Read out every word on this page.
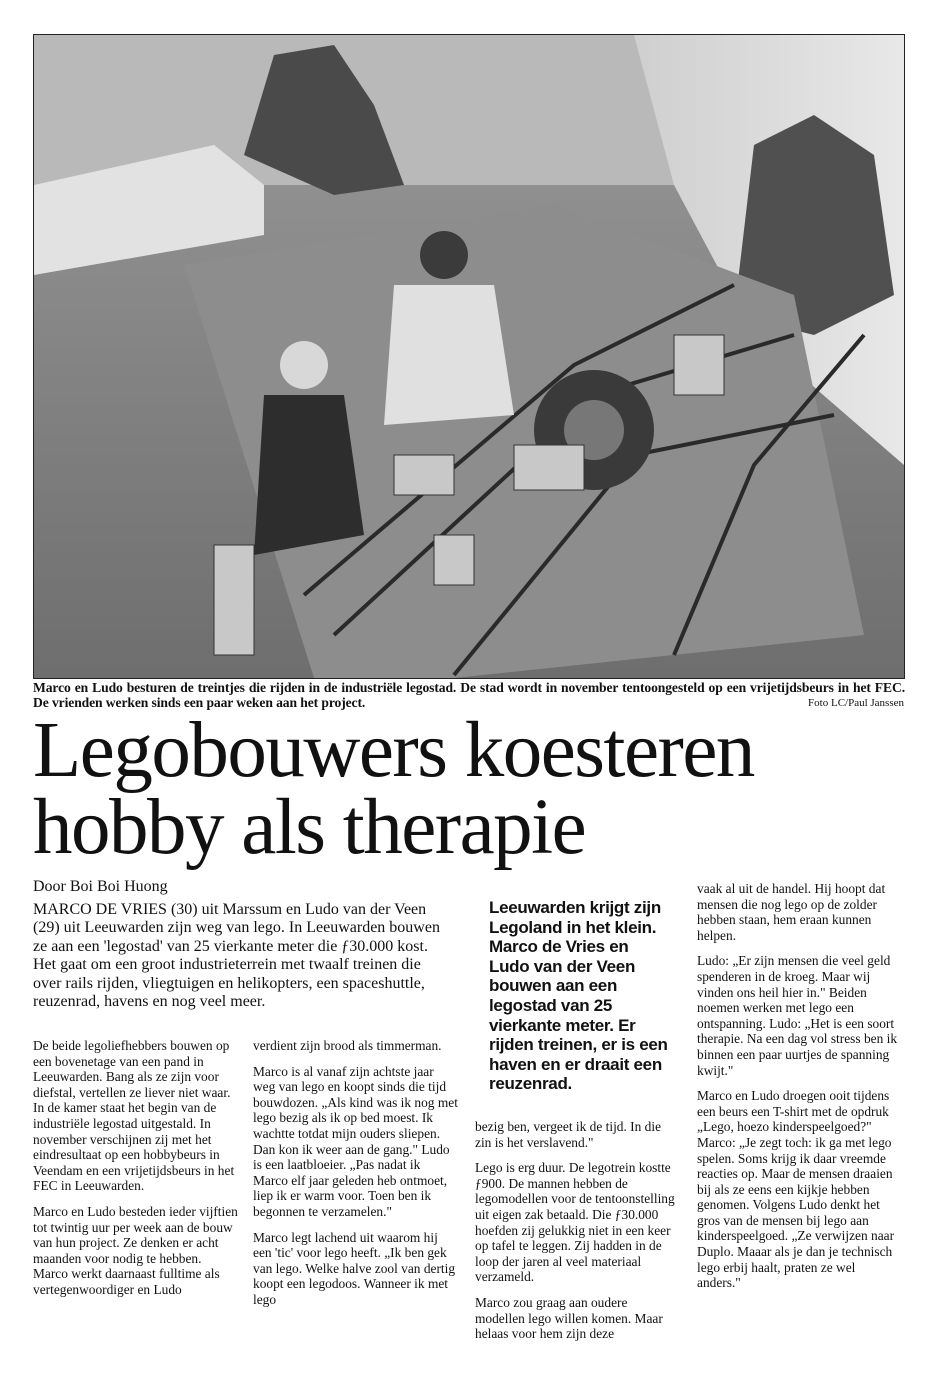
Marco en Ludo besturen de treintjes die rijden in de industriële legostad. De stad wordt in november tentoongesteld op een vrijetijdsbeurs in het FEC. De vrienden werken sinds een paar weken aan het project.	Foto LC/Paul Janssen
Legobouwers koesteren
hobby als therapie
Door Boi Boi Huong
MARCO DE VRIES (30) uit Marssum en Ludo van der Veen (29) uit Leeuwarden zijn weg van lego. In Leeuwarden bouwen ze aan een 'legostad' van 25 vierkante meter die ƒ30.000 kost. Het gaat om een groot industrieterrein met twaalf treinen die over rails rijden, vliegtuigen en helikopters, een spaceshuttle, reuzenrad, havens en nog veel meer.
Leeuwarden krijgt zijn Legoland in het klein. Marco de Vries en Ludo van der Veen bouwen aan een legostad van 25 vierkante meter. Er rijden treinen, er is een haven en er draait een reuzenrad.

De beide legoliefhebbers bouwen op een bovenetage van een pand in Leeuwarden. Bang als ze zijn voor diefstal, vertellen ze liever niet waar. In de kamer staat het begin van de industriële legostad uitgestald. In november verschijnen zij met het eindresultaat op een hobbybeurs in Veendam en een vrijetijdsbeurs in het FEC in Leeuwarden.

Marco en Ludo besteden ieder vijftien tot twintig uur per week aan de bouw van hun project. Ze denken er acht maanden voor nodig te hebben. Marco werkt daarnaast fulltime als vertegenwoordiger en Ludo

verdient zijn brood als timmerman.

Marco is al vanaf zijn achtste jaar weg van lego en koopt sinds die tijd bouwdozen. „Als kind was ik nog met lego bezig als ik op bed moest. Ik wachtte totdat mijn ouders sliepen. Dan kon ik weer aan de gang." Ludo is een laatbloeier. „Pas nadat ik Marco elf jaar geleden heb ontmoet, liep ik er warm voor. Toen ben ik begonnen te verzamelen."

Marco legt lachend uit waarom hij een 'tic' voor lego heeft. „Ik ben gek van lego. Welke halve zool van dertig koopt een legodoos. Wanneer ik met lego

bezig ben, vergeet ik de tijd. In die zin is het verslavend."

Lego is erg duur. De legotrein kostte ƒ900. De mannen hebben de legomodellen voor de tentoonstelling uit eigen zak betaald. Die ƒ30.000 hoefden zij gelukkig niet in een keer op tafel te leggen. Zij hadden in de loop der jaren al veel materiaal verzameld.

Marco zou graag aan oudere modellen lego willen komen. Maar helaas voor hem zijn deze

vaak al uit de handel. Hij hoopt dat mensen die nog lego op de zolder hebben staan, hem eraan kunnen helpen.

Ludo: „Er zijn mensen die veel geld spenderen in de kroeg. Maar wij vinden ons heil hier in." Beiden noemen werken met lego een ontspanning. Ludo: „Het is een soort therapie. Na een dag vol stress ben ik binnen een paar uurtjes de spanning kwijt."

Marco en Ludo droegen ooit tijdens een beurs een T-shirt met de opdruk „Lego, hoezo kinderspeelgoed?" Marco: „Je zegt toch: ik ga met lego spelen. Soms krijg ik daar vreemde reacties op. Maar de mensen draaien bij als ze eens een kijkje hebben genomen. Volgens Ludo denkt het gros van de mensen bij lego aan kinderspeelgoed. „Ze verwijzen naar Duplo. Maaar als je dan je technisch lego erbij haalt, praten ze wel anders."
